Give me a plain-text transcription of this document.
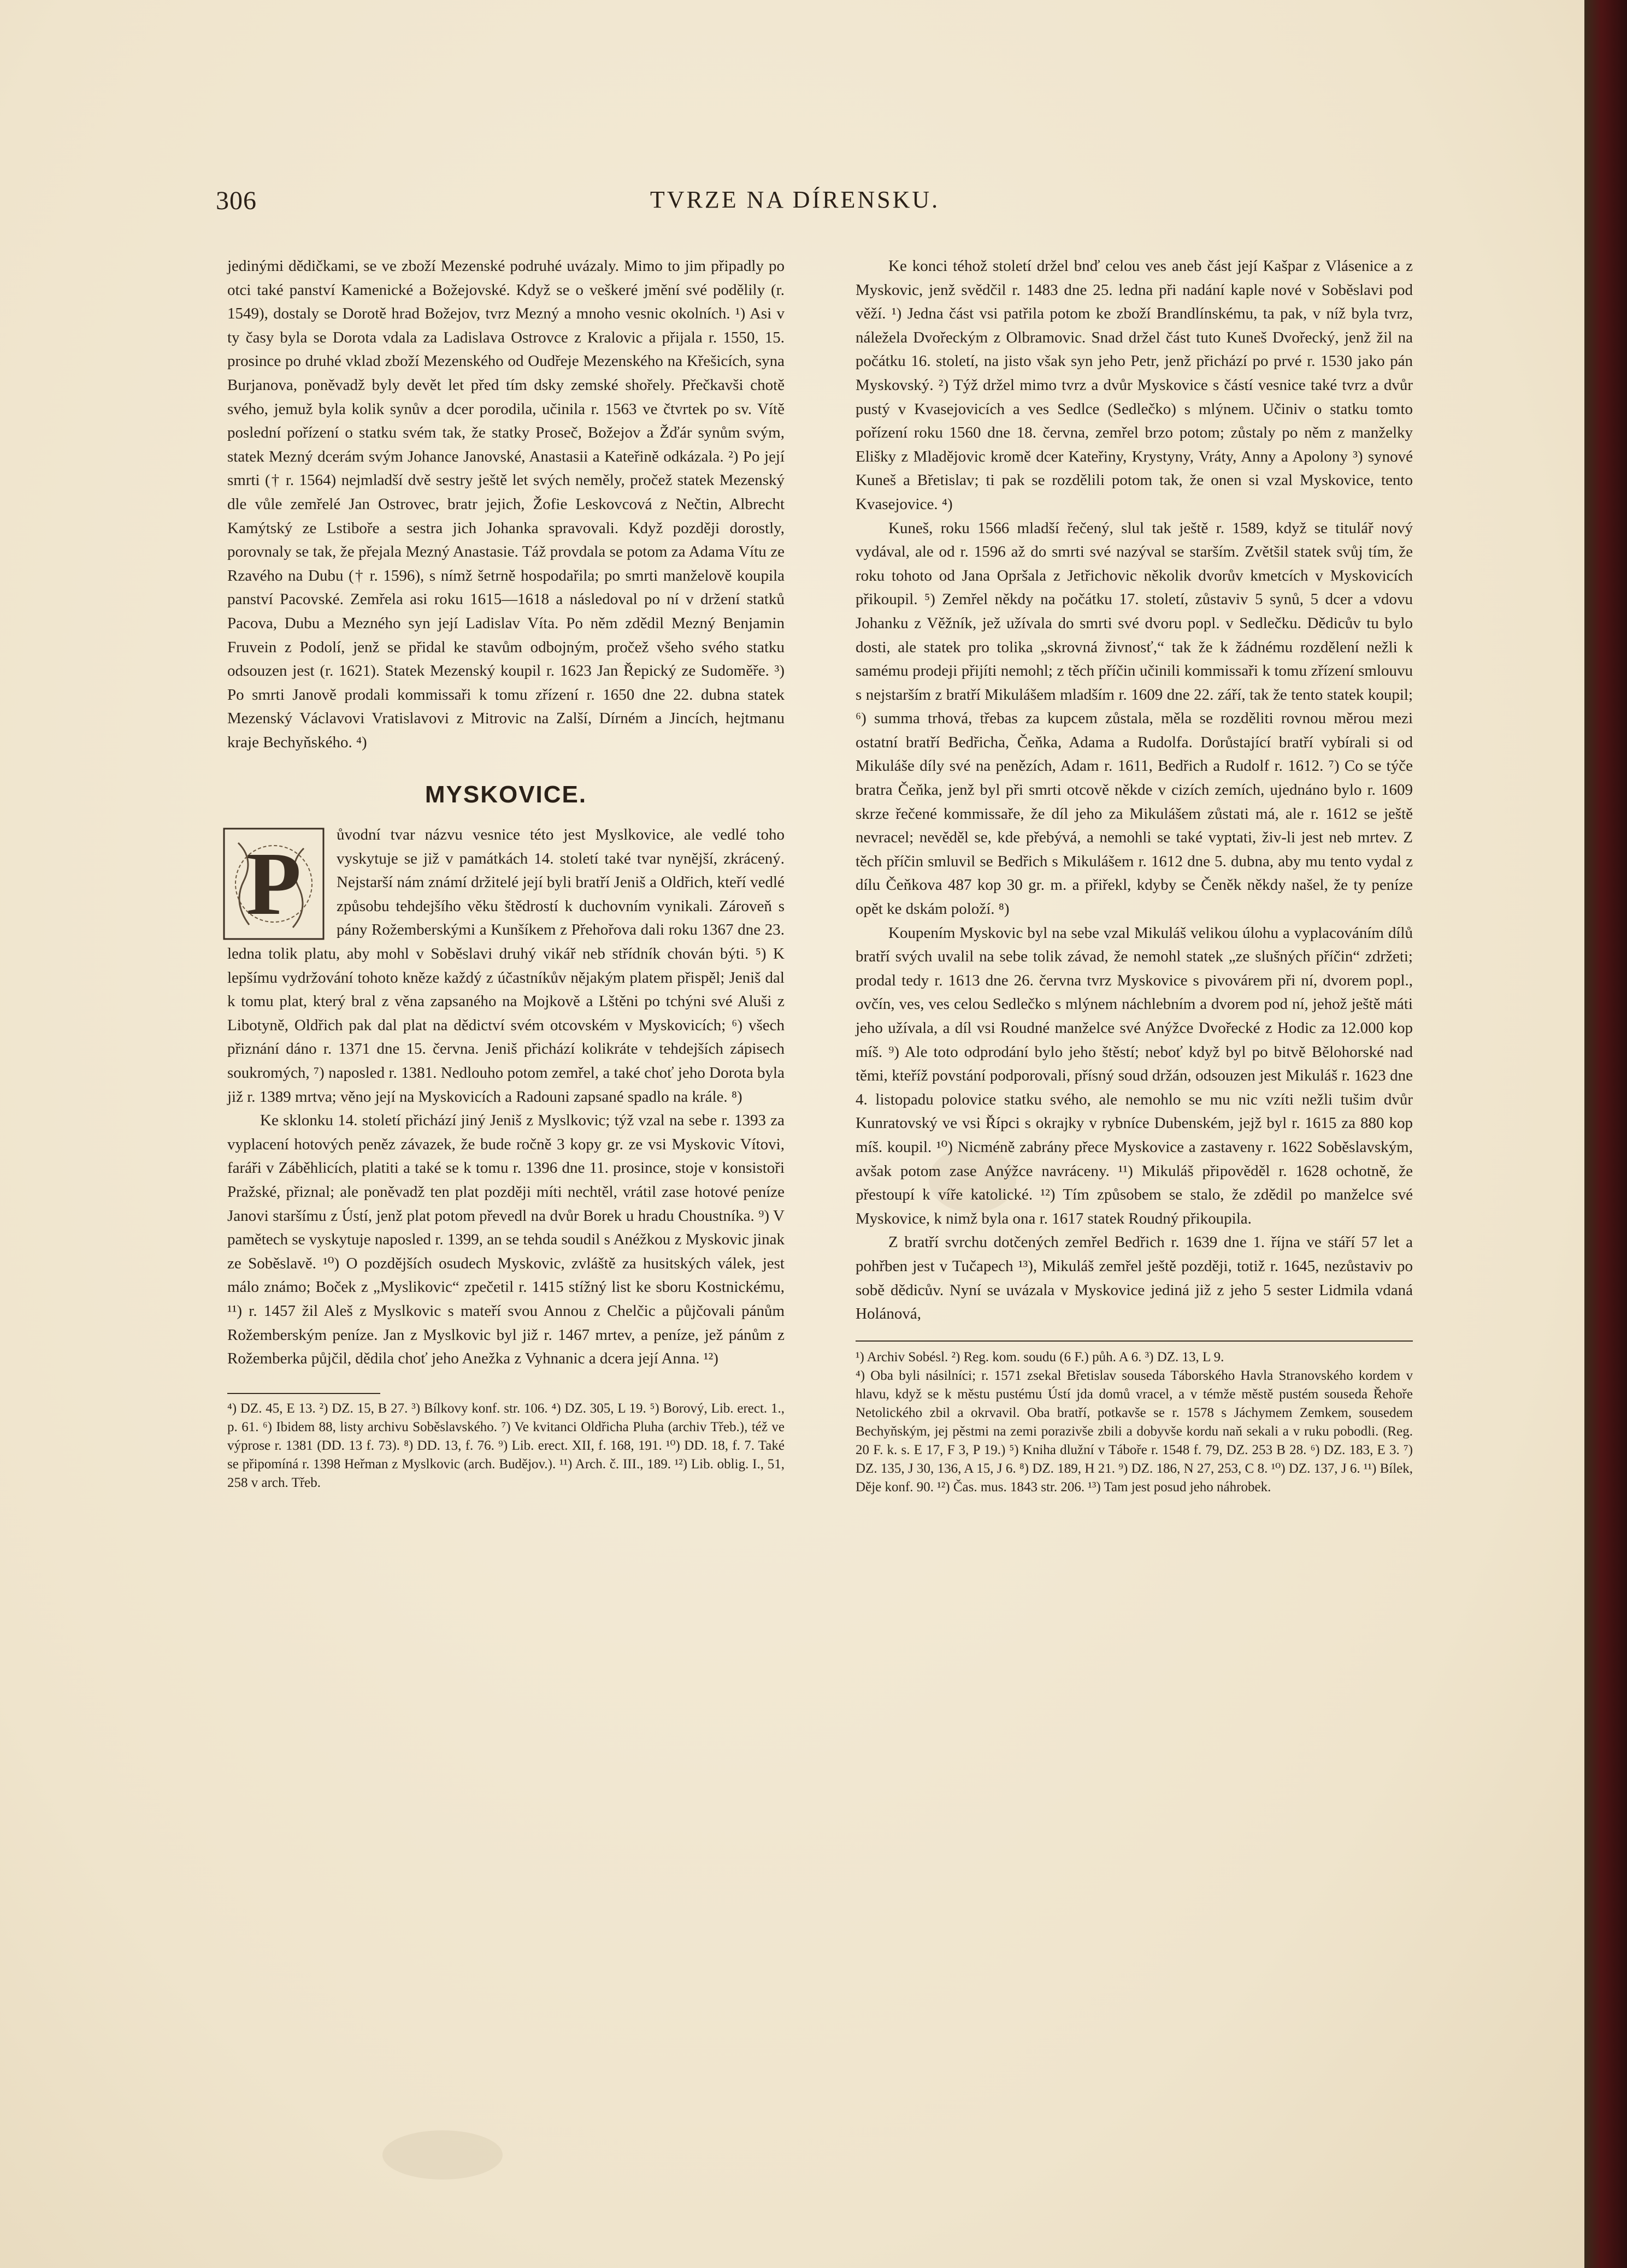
306	TVRZE NA DÍRENSKU.

jedinými dědičkami, se ve zboží Mezenské podruhé uvázaly. Mimo to jim připadly po otci také panství Kamenické a Božejovské. Když se o veškeré jmění své podělily (r. 1549), dostaly se Dorotě hrad Božejov, tvrz Mezný a mnoho vesnic okolních. ¹) Asi v ty časy byla se Dorota vdala za Ladislava Ostrovce z Kralovic a přijala r. 1550, 15. prosince po druhé vklad zboží Mezenského od Oudřeje Mezenského na Křešicích, syna Burjanova, poněvadž byly devět let před tím dsky zemské shořely. Přečkavši chotě svého, jemuž byla kolik synův a dcer porodila, učinila r. 1563 ve čtvrtek po sv. Vítě poslední pořízení o statku svém tak, že statky Proseč, Božejov a Žďár synům svým, statek Mezný dcerám svým Johance Janovské, Anastasii a Kateřině odkázala. ²) Po její smrti († r. 1564) nejmladší dvě sestry ještě let svých neměly, pročež statek Mezenský dle vůle zemřelé Jan Ostrovec, bratr jejich, Žofie Leskovcová z Nečtin, Albrecht Kamýtský ze Lstiboře a sestra jich Johanka spravovali. Když později dorostly, porovnaly se tak, že přejala Mezný Anastasie. Táž provdala se potom za Adama Vítu ze Rzavého na Dubu († r. 1596), s nímž šetrně hospodařila; po smrti manželově koupila panství Pacovské. Zemřela asi roku 1615—1618 a následoval po ní v držení statků Pacova, Dubu a Mezného syn její Ladislav Víta. Po něm zdědil Mezný Benjamin Fruvein z Podolí, jenž se přidal ke stavům odbojným, pročež všeho svého statku odsouzen jest (r. 1621). Statek Mezenský koupil r. 1623 Jan Řepický ze Sudoměře. ³) Po smrti Janově prodali kommissaři k tomu zřízení r. 1650 dne 22. dubna statek Mezenský Václavovi Vratislavovi z Mitrovic na Zalší, Dírném a Jincích, hejtmanu kraje Bechyňského. ⁴)

MYSKOVICE.
P	ůvodní tvar názvu vesnice této jest Myslkovice, ale vedlé toho vyskytuje se již v památkách 14. století také tvar nynější, zkrácený. Nejstarší nám známí držitelé její byli bratří Jeniš a Oldřich, kteří vedlé způsobu tehdejšího věku štědrostí k duchovním vynikali. Zároveň s pány Rožemberskými a Kunšíkem z Přehořova dali roku 1367 dne 23. ledna tolik platu, aby mohl v Soběslavi druhý vikář neb střídník chován býti. ⁵) K lepšímu vydržování tohoto kněze každý z účastníkův nějakým platem přispěl; Jeniš dal k tomu plat, který bral z věna zapsaného na Mojkově a Lštěni po tchýni své Aluši z Libotyně, Oldřich pak dal plat na dědictví svém otcovském v Myskovicích; ⁶) všech přiznání dáno r. 1371 dne 15. června. Jeniš přichází kolikráte v tehdejších zápisech soukromých, ⁷) naposled r. 1381. Nedlouho potom zemřel, a také choť jeho Dorota byla již r. 1389 mrtva; věno její na Myskovicích a Radouni zapsané spadlo na krále. ⁸)

Ke sklonku 14. století přichází jiný Jeniš z Myslkovic; týž vzal na sebe r. 1393 za vyplacení hotových peněz závazek, že bude ročně 3 kopy gr. ze vsi Myskovic Vítovi, faráři v Záběhlicích, platiti a také se k tomu r. 1396 dne 11. prosince, stoje v konsistoři Pražské, přiznal; ale poněvadž ten plat později míti nechtěl, vrátil zase hotové peníze Janovi staršímu z Ústí, jenž plat potom převedl na dvůr Borek u hradu Choustníka. ⁹) V pamětech se vyskytuje naposled r. 1399, an se tehda soudil s Anéžkou z Myskovic jinak ze Soběslavě. ¹⁰) O pozdějších osudech Myskovic, zvláště za husitských válek, jest málo známo; Boček z „Myslikovic“ zpečetil r. 1415 stížný list ke sboru Kostnickému, ¹¹) r. 1457 žil Aleš z Myslkovic s mateří svou Annou z Chelčic a půjčovali pánům Rožemberským peníze. Jan z Myslkovic byl již r. 1467 mrtev, a peníze, jež pánům z Rožemberka půjčil, dědila choť jeho Anežka z Vyhnanic a dcera její Anna. ¹²)

⁴) DZ. 45, E 13. ²) DZ. 15, B 27. ³) Bílkovy konf. str. 106. ⁴) DZ. 305, L 19. ⁵) Borový, Lib. erect. 1., p. 61. ⁶) Ibidem 88, listy archivu Soběslavského. ⁷) Ve kvitanci Oldřicha Pluha (archiv Třeb.), též ve výprose r. 1381 (DD. 13 f. 73). ⁸) DD. 13, f. 76. ⁹) Lib. erect. XII, f. 168, 191. ¹⁰) DD. 18, f. 7. Také se připomíná r. 1398 Heřman z Myslkovic (arch. Budějov.). ¹¹) Arch. č. III., 189. ¹²) Lib. oblig. I., 51, 258 v arch. Třeb.

Ke konci téhož století držel bnď celou ves aneb část její Kašpar z Vlásenice a z Myskovic, jenž svědčil r. 1483 dne 25. ledna při nadání kaple nové v Soběslavi pod věží. ¹) Jedna část vsi patřila potom ke zboží Brandlínskému, ta pak, v níž byla tvrz, náležela Dvořeckým z Olbramovic. Snad držel část tuto Kuneš Dvořecký, jenž žil na počátku 16. století, na jisto však syn jeho Petr, jenž přichází po prvé r. 1530 jako pán Myskovský. ²) Týž držel mimo tvrz a dvůr Myskovice s částí vesnice také tvrz a dvůr pustý v Kvasejovicích a ves Sedlce (Sedlečko) s mlýnem. Učiniv o statku tomto pořízení roku 1560 dne 18. června, zemřel brzo potom; zůstaly po něm z manželky Elišky z Mladějovic kromě dcer Kateřiny, Krystyny, Vráty, Anny a Apolony ³) synové Kuneš a Břetislav; ti pak se rozdělili potom tak, že onen si vzal Myskovice, tento Kvasejovice. ⁴)

Kuneš, roku 1566 mladší řečený, slul tak ještě r. 1589, když se titulář nový vydával, ale od r. 1596 až do smrti své nazýval se starším. Zvětšil statek svůj tím, že roku tohoto od Jana Opršala z Jetřichovic několik dvorův kmetcích v Myskovicích přikoupil. ⁵) Zemřel někdy na počátku 17. století, zůstaviv 5 synů, 5 dcer a vdovu Johanku z Věžník, jež užívala do smrti své dvoru popl. v Sedlečku. Dědicův tu bylo dosti, ale statek pro tolika „skrovná živnosť,“ tak že k žádnému rozdělení nežli k samému prodeji přijíti nemohl; z těch příčin učinili kommissaři k tomu zřízení smlouvu s nejstarším z bratří Mikulášem mladším r. 1609 dne 22. září, tak že tento statek koupil; ⁶) summa trhová, třebas za kupcem zůstala, měla se rozděliti rovnou měrou mezi ostatní bratří Bedřicha, Čeňka, Adama a Rudolfa. Dorůstající bratří vybírali si od Mikuláše díly své na penězích, Adam r. 1611, Bedřich a Rudolf r. 1612. ⁷) Co se týče bratra Čeňka, jenž byl při smrti otcově někde v cizích zemích, ujednáno bylo r. 1609 skrze řečené kommissaře, že díl jeho za Mikulášem zůstati má, ale r. 1612 se ještě nevracel; nevěděl se, kde přebývá, a nemohli se také vyptati, živ-li jest neb mrtev. Z těch příčin smluvil se Bedřich s Mikulášem r. 1612 dne 5. dubna, aby mu tento vydal z dílu Čeňkova 487 kop 30 gr. m. a přiřekl, kdyby se Čeněk někdy našel, že ty peníze opět ke dskám položí. ⁸)

Koupením Myskovic byl na sebe vzal Mikuláš velikou úlohu a vyplacováním dílů bratří svých uvalil na sebe tolik závad, že nemohl statek „ze slušných příčin“ zdržeti; prodal tedy r. 1613 dne 26. června tvrz Myskovice s pivovárem při ní, dvorem popl., ovčín, ves, ves celou Sedlečko s mlýnem náchlebním a dvorem pod ní, jehož ještě máti jeho užívala, a díl vsi Roudné manželce své Anýžce Dvořecké z Hodic za 12.000 kop míš. ⁹) Ale toto odprodání bylo jeho štěstí; neboť když byl po bitvě Bělohorské nad těmi, kteříž povstání podporovali, přísný soud držán, odsouzen jest Mikuláš r. 1623 dne 4. listopadu polovice statku svého, ale nemohlo se mu nic vzíti nežli tušim dvůr Kunratovský ve vsi Řípci s okrajky v rybníce Dubenském, jejž byl r. 1615 za 880 kop míš. koupil. ¹⁰) Nicméně zabrány přece Myskovice a zastaveny r. 1622 Soběslavským, avšak potom zase Anýžce navráceny. ¹¹) Mikuláš připověděl r. 1628 ochotně, že přestoupí k víře katolické. ¹²) Tím způsobem se stalo, že zdědil po manželce své Myskovice, k nimž byla ona r. 1617 statek Roudný přikoupila.

Z bratří svrchu dotčených zemřel Bedřich r. 1639 dne 1. října ve stáří 57 let a pohřben jest v Tučapech ¹³), Mikuláš zemřel ještě později, totiž r. 1645, nezůstaviv po sobě dědicův. Nyní se uvázala v Myskovice jediná již z jeho 5 sester Lidmila vdaná Holánová,

¹) Archiv Sobésl. ²) Reg. kom. soudu (6 F.) půh. A 6. ³) DZ. 13, L 9.

⁴) Oba byli násilníci; r. 1571 zsekal Břetislav souseda Táborského Havla Stranovského kordem v hlavu, když se k městu pustému Ústí jda domů vracel, a v témže městě pustém souseda Řehoře Netolického zbil a okrvavil. Oba bratří, potkavše se r. 1578 s Jáchymem Zemkem, sousedem Bechyňským, jej pěstmi na zemi porazivše zbili a dobyvše kordu naň sekali a v ruku pobodli. (Reg. 20 F. k. s. E 17, F 3, P 19.) ⁵) Kniha dlužní v Táboře r. 1548 f. 79, DZ. 253 B 28. ⁶) DZ. 183, E 3. ⁷) DZ. 135, J 30, 136, A 15, J 6. ⁸) DZ. 189, H 21. ⁹) DZ. 186, N 27, 253, C 8. ¹⁰) DZ. 137, J 6. ¹¹) Bílek, Děje konf. 90. ¹²) Čas. mus. 1843 str. 206. ¹³) Tam jest posud jeho náhrobek.
